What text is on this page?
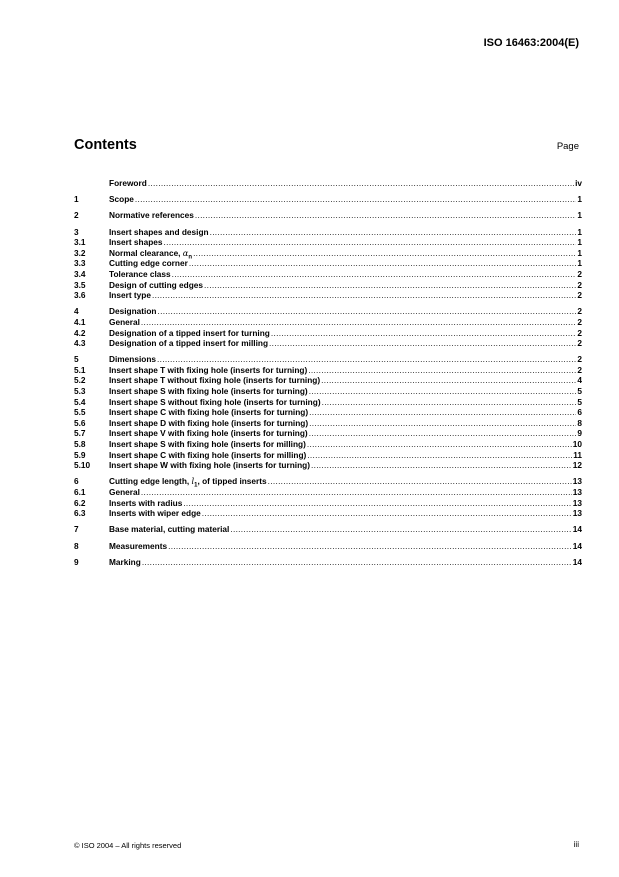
ISO 16463:2004(E)
Contents	Page
Foreword .....	iv
1	Scope .....	1
2	Normative references .....	1
3	Insert shapes and design .....	1
3.1	Insert shapes .....	1
3.2	Normal clearance, $\alpha_n$ .....	1
3.3	Cutting edge corner .....	1
3.4	Tolerance class .....	2
3.5	Design of cutting edges .....	2
3.6	Insert type .....	2
4	Designation .....	2
4.1	General .....	2
4.2	Designation of a tipped insert for turning .....	2
4.3	Designation of a tipped insert for milling .....	2
5	Dimensions .....	2
5.1	Insert shape T with fixing hole (inserts for turning) .....	2
5.2	Insert shape T without fixing hole (inserts for turning) .....	4
5.3	Insert shape S with fixing hole (inserts for turning) .....	5
5.4	Insert shape S without fixing hole (inserts for turning) .....	5
5.5	Insert shape C with fixing hole (inserts for turning) .....	6
5.6	Insert shape D with fixing hole (inserts for turning) .....	8
5.7	Insert shape V with fixing hole (inserts for turning) .....	9
5.8	Insert shape S with fixing hole (inserts for milling) .....	10
5.9	Insert shape C with fixing hole (inserts for milling) .....	11
5.10	Insert shape W with fixing hole (inserts for turning) .....	12
6	Cutting edge length, $l_1$, of tipped inserts .....	13
6.1	General .....	13
6.2	Inserts with radius .....	13
6.3	Inserts with wiper edge .....	13
7	Base material, cutting material .....	14
8	Measurements .....	14
9	Marking .....	14
© ISO 2004 – All rights reserved	iii
